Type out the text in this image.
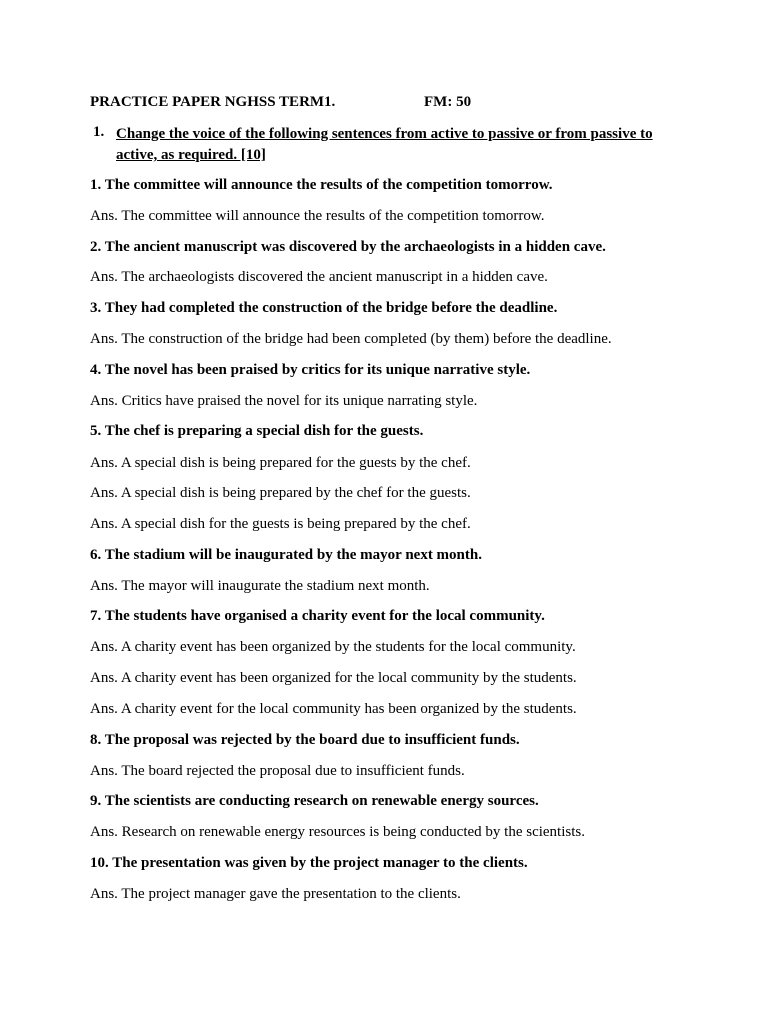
PRACTICE PAPER NGHSS TERM1.	FM: 50
1. Change the voice of the following sentences from active to passive or from passive to active, as required. [10]
1. The committee will announce the results of the competition tomorrow.
Ans. The committee will announce the results of the competition tomorrow.
2. The ancient manuscript was discovered by the archaeologists in a hidden cave.
Ans. The archaeologists discovered the ancient manuscript in a hidden cave.
3. They had completed the construction of the bridge before the deadline.
Ans. The construction of the bridge had been completed (by them) before the deadline.
4. The novel has been praised by critics for its unique narrative style.
Ans. Critics have praised the novel for its unique narrating style.
5. The chef is preparing a special dish for the guests.
Ans. A special dish is being prepared for the guests by the chef.
Ans. A special dish is being prepared by the chef for the guests.
Ans. A special dish for the guests is being prepared by the chef.
6. The stadium will be inaugurated by the mayor next month.
Ans. The mayor will inaugurate the stadium next month.
7. The students have organised a charity event for the local community.
Ans. A charity event has been organized by the students for the local community.
Ans. A charity event has been organized for the local community by the students.
Ans. A charity event for the local community has been organized by the students.
8. The proposal was rejected by the board due to insufficient funds.
Ans. The board rejected the proposal due to insufficient funds.
9. The scientists are conducting research on renewable energy sources.
Ans. Research on renewable energy resources is being conducted by the scientists.
10. The presentation was given by the project manager to the clients.
Ans. The project manager gave the presentation to the clients.
